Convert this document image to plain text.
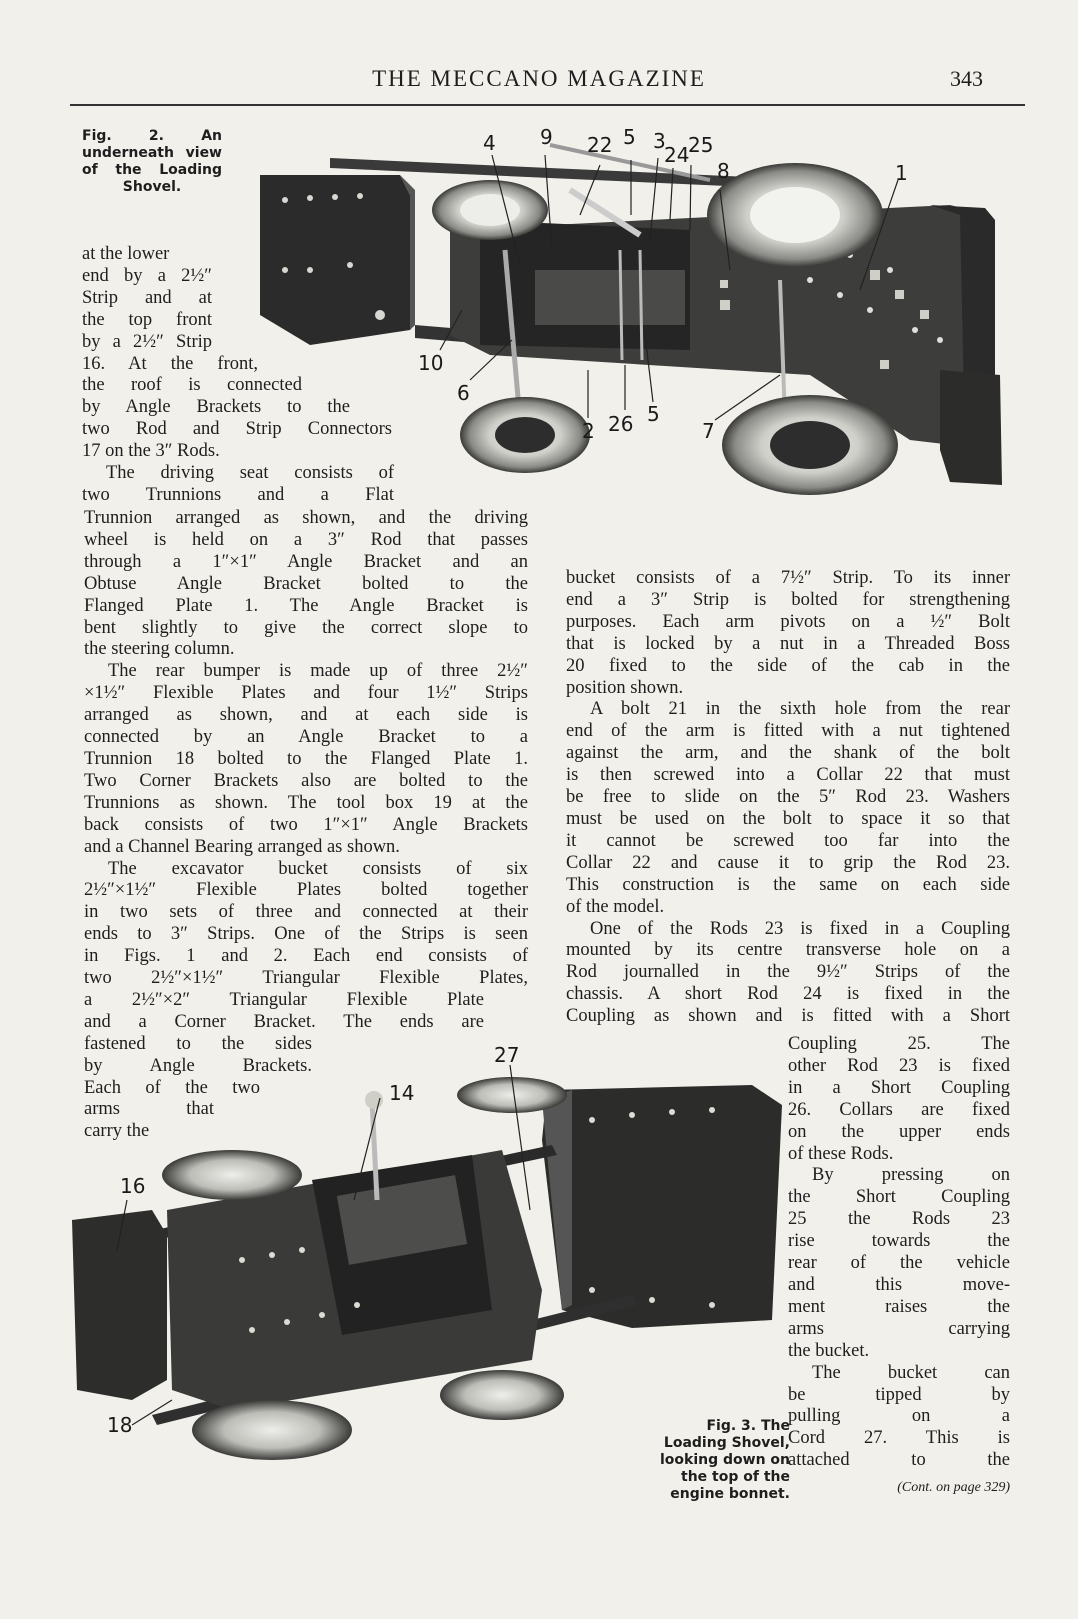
THE MECCANO MAGAZINE	343
4 9 22 5 3
24
25
8	1
10
6
2 26 5
7
27
14
16
18
Fig. 2. An underneath view of the Loading Shovel.
Fig. 3. The Loading Shovel, looking down on the top of the engine bonnet.
at the lower
end by a 2½″
Strip and at
the top front
by a 2½″ Strip
16. At the front,
the roof is connected
by Angle Brackets to the
two Rod and Strip Connectors
17 on the 3″ Rods.
The driving seat consists of
two Trunnions and a Flat
Trunnion arranged as shown, and the driving
wheel is held on a 3″ Rod that passes
through a 1″×1″ Angle Bracket and an
Obtuse Angle Bracket bolted to the
Flanged Plate 1. The Angle Bracket is
bent slightly to give the correct slope to
the steering column.
The rear bumper is made up of three 2½″
×1½″ Flexible Plates and four 1½″ Strips
arranged as shown, and at each side is
connected by an Angle Bracket to a
Trunnion 18 bolted to the Flanged Plate 1.
Two Corner Brackets also are bolted to the
Trunnions as shown. The tool box 19 at the
back consists of two 1″×1″ Angle Brackets
and a Channel Bearing arranged as shown.
The excavator bucket consists of six
2½″×1½″ Flexible Plates bolted together
in two sets of three and connected at their
ends to 3″ Strips. One of the Strips is seen
in Figs. 1 and 2. Each end consists of
two 2½″×1½″ Triangular Flexible Plates,
a 2½″×2″ Triangular Flexible Plate
and a Corner Bracket. The ends are
fastened to the sides
by Angle Brackets.
Each of the two
arms that
carry the
bucket consists of a 7½″ Strip. To its inner
end a 3″ Strip is bolted for strengthening
purposes. Each arm pivots on a ½″ Bolt
that is locked by a nut in a Threaded Boss
20 fixed to the side of the cab in the
position shown.
A bolt 21 in the sixth hole from the rear
end of the arm is fitted with a nut tightened
against the arm, and the shank of the bolt
is then screwed into a Collar 22 that must
be free to slide on the 5″ Rod 23. Washers
must be used on the bolt to space it so that
it cannot be screwed too far into the
Collar 22 and cause it to grip the Rod 23.
This construction is the same on each side
of the model.
One of the Rods 23 is fixed in a Coupling
mounted by its centre transverse hole on a
Rod journalled in the 9½″ Strips of the
chassis. A short Rod 24 is fixed in the
Coupling as shown and is fitted with a Short
Coupling 25. The
other Rod 23 is fixed
in a Short Coupling
26. Collars are fixed
on the upper ends
of these Rods.
By pressing on
the Short Coupling
25 the Rods 23
rise towards the
rear of the vehicle
and this move-
ment raises the
arms carrying
the bucket.
The bucket can
be tipped by
pulling on a
Cord 27. This is
attached to the
(Cont. on page 329)
